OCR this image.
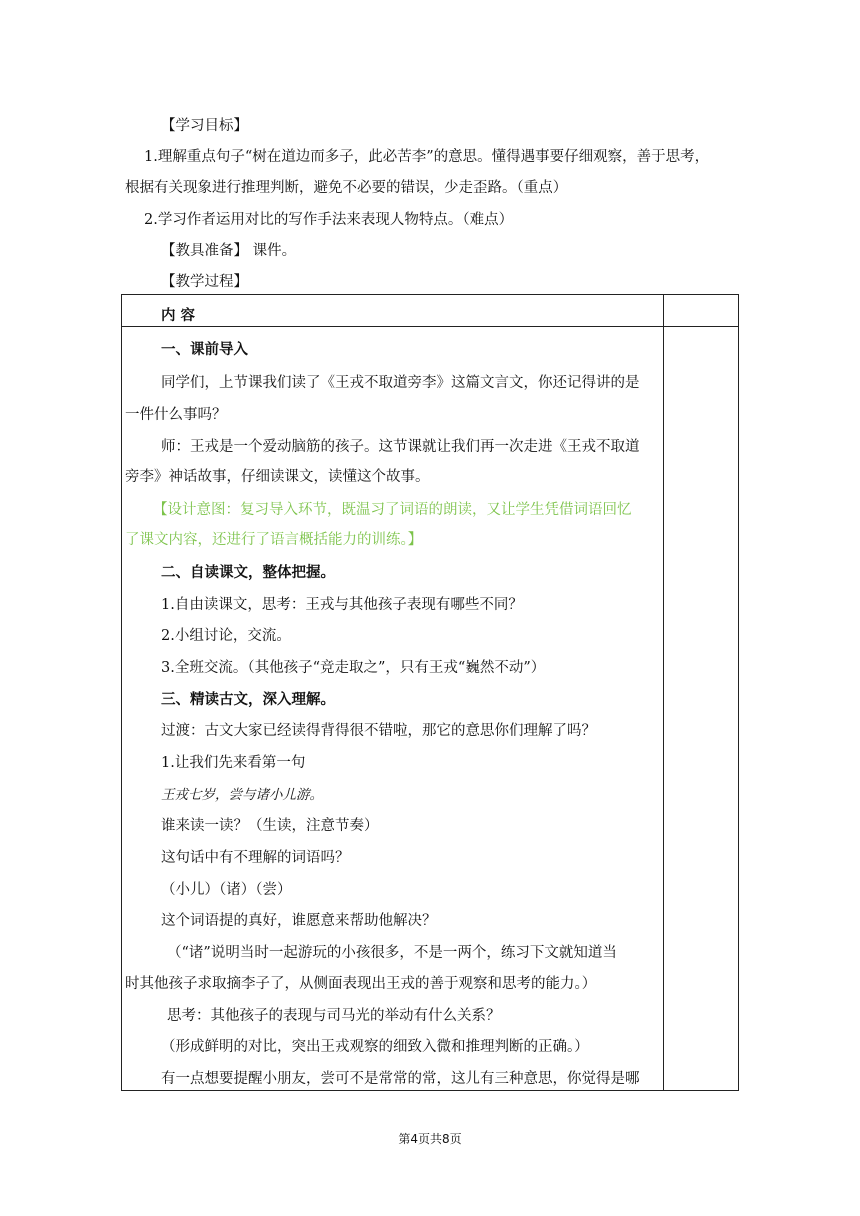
【学习目标】
1.理解重点句子“树在道边而多子，此必苦李”的意思。懂得遇事要仔细观察，善于思考，
根据有关现象进行推理判断，避免不必要的错误，少走歪路。（重点）
2.学习作者运用对比的写作手法来表现人物特点。（难点）
【教具准备】 课件。
【教学过程】

内 容
一、课前导入
同学们，上节课我们读了《王戎不取道旁李》这篇文言文，你还记得讲的是
一件什么事吗？
师：王戎是一个爱动脑筋的孩子。这节课就让我们再一次走进《王戎不取道
旁李》神话故事，仔细读课文，读懂这个故事。
【设计意图：复习导入环节，既温习了词语的朗读，又让学生凭借词语回忆
了课文内容，还进行了语言概括能力的训练。】
二、自读课文，整体把握。
1.自由读课文，思考：王戎与其他孩子表现有哪些不同？
2.小组讨论，交流。
3.全班交流。（其他孩子“竞走取之”，只有王戎“巍然不动”）
三、精读古文，深入理解。
过渡：古文大家已经读得背得很不错啦，那它的意思你们理解了吗？
1.让我们先来看第一句
王戎七岁，尝与诸小儿游。
谁来读一读？（生读，注意节奏）
这句话中有不理解的词语吗？
（小儿）（诸）（尝）
这个词语提的真好，谁愿意来帮助他解决？
（“诸”说明当时一起游玩的小孩很多，不是一两个，练习下文就知道当
时其他孩子求取摘李子了，从侧面表现出王戎的善于观察和思考的能力。）
思考：其他孩子的表现与司马光的举动有什么关系？
（形成鲜明的对比，突出王戎观察的细致入微和推理判断的正确。）
有一点想要提醒小朋友，尝可不是常常的常，这儿有三种意思，你觉得是哪
第4页共8页
